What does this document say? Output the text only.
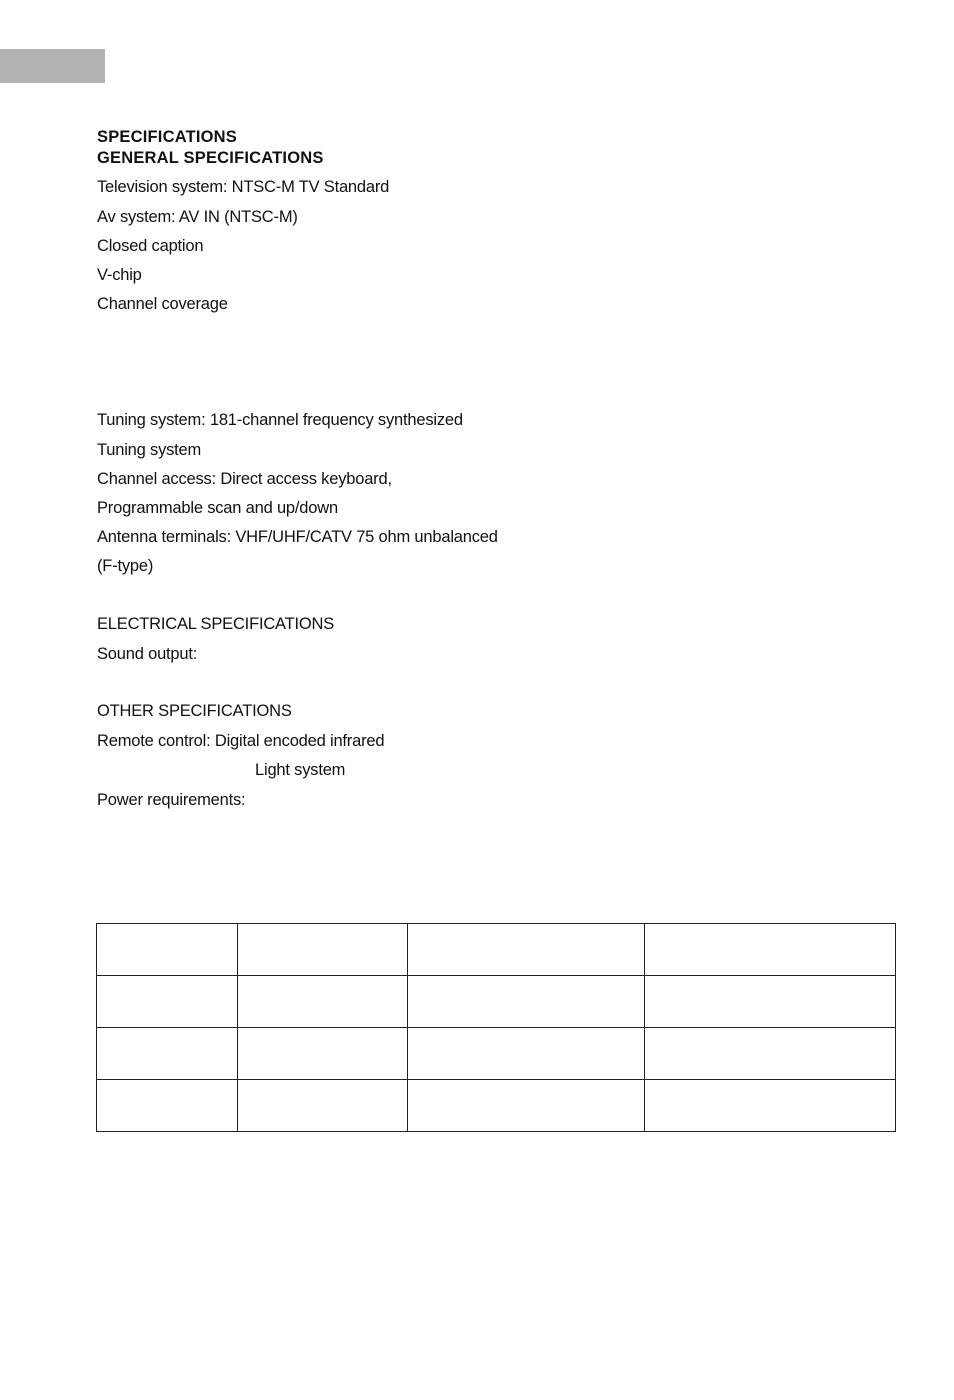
SPECIFICATIONS
GENERAL SPECIFICATIONS
Television system: NTSC-M TV Standard
Av system: AV IN (NTSC-M)
Closed caption
V-chip
Channel coverage
Tuning system: 181-channel frequency synthesized
Tuning system
Channel access: Direct access keyboard,
Programmable scan and up/down
Antenna terminals: VHF/UHF/CATV 75 ohm unbalanced
(F-type)
ELECTRICAL SPECIFICATIONS
Sound output:
OTHER SPECIFICATIONS
Remote control: Digital encoded infrared
Light system
Power requirements:
